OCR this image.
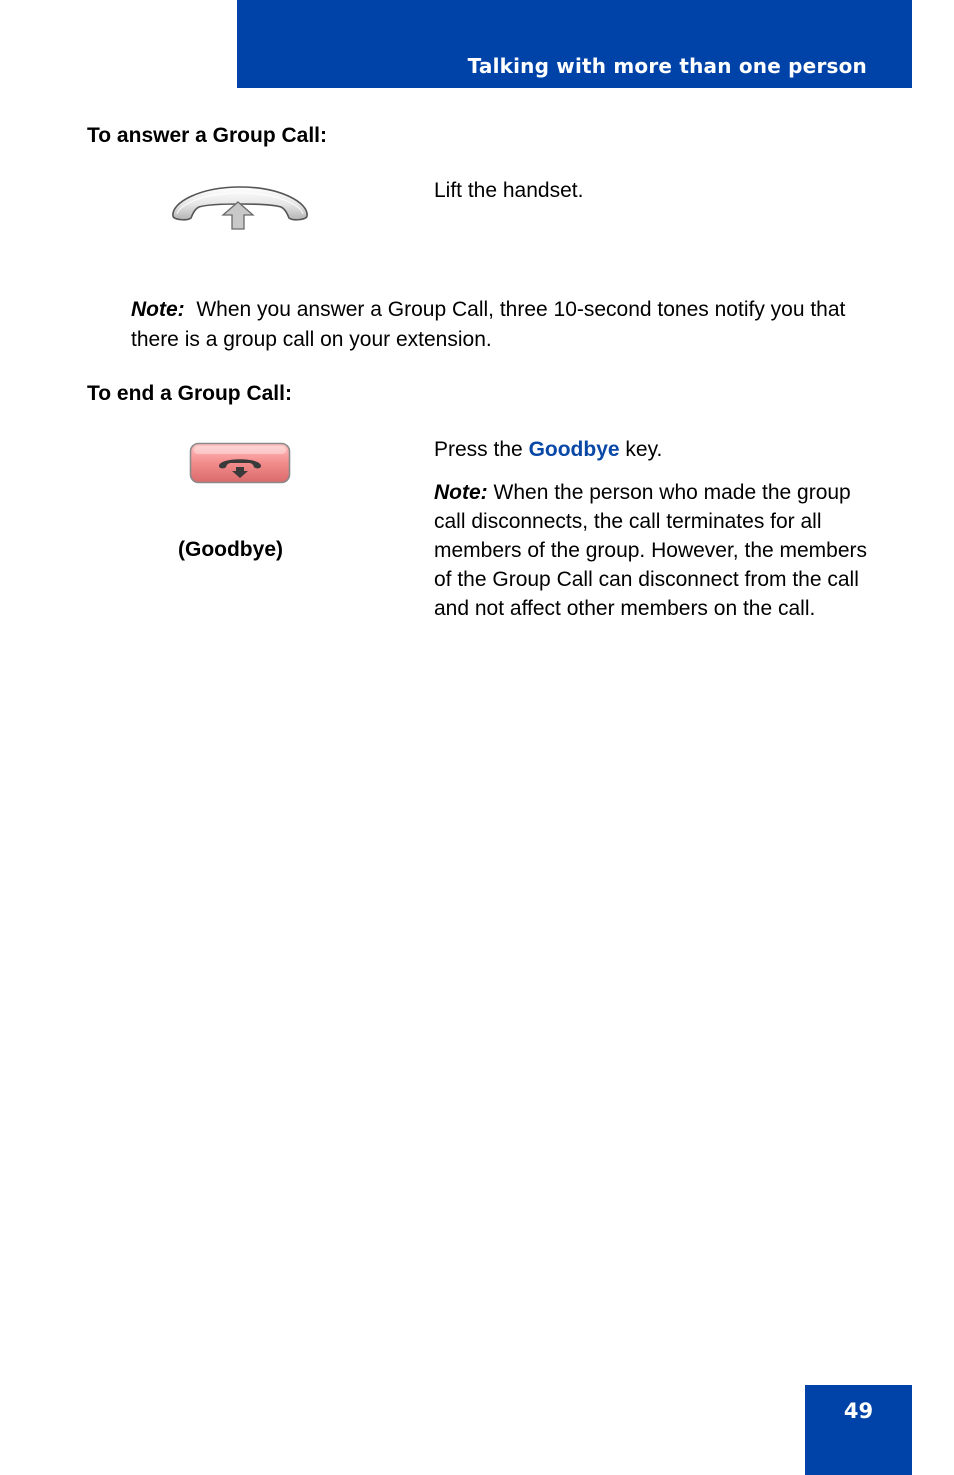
Talking with more than one person
To answer a Group Call:

Lift the handset.

Note: When you answer a Group Call, three 10-second tones notify you that there is a group call on your extension.

To end a Group Call:

(Goodbye)

Press the Goodbye key.

Note: When the person who made the group call disconnects, the call terminates for all members of the group. However, the members of the Group Call can disconnect from the call and not affect other members on the call.

49
